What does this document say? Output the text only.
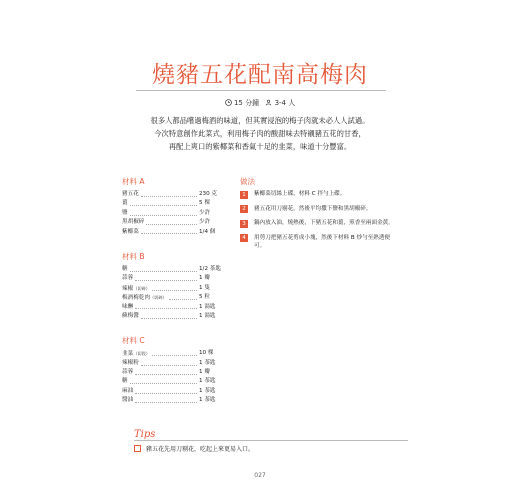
燒豬五花配南高梅肉
15 分鐘 3-4 人
很多人都品嚐過梅酒的味道，但其實浸泡的梅子肉就未必人人試過。
今次特意創作此菜式，利用梅子肉的酸甜味去特襯豬五花的甘香，
再配上爽口的紫椰菜和香氣十足的韭菜，味道十分豐富。
材料 A
豬五花	230 克
薑	5 棵
鹽	少許
黑胡椒碎	少許
紫椰菜	1/4 個
材料 B
糖	1/2 茶匙
蒜蓉	1 瓣
辣椒（切碎）	1 隻
梅酒梅乾肉（切碎）	5 粒
味醂	1 湯匙
蘇梅醬	1 湯匙
材料 C
韭菜（切段）	10 棵
辣椒粉	1 茶匙
蒜蓉	1 瓣
糖	1 茶匙
麻油	1 茶匙
醬油	1 茶匙
做法
1	紫椰菜切絲上碟，材料 C 拌勻上碟。
2	豬五花用刀剔花，然後平均撒下鹽和黑胡椒碎。
3	鍋內放入油，燒熱後，下豬五花和薑，煎香至兩面金黃。
4	用剪刀把豬五花剪成小塊，然後下材料 B 炒勻至熟透便可。
Tips
豬五花先用刀剔花，吃起上來更易入口。
027
